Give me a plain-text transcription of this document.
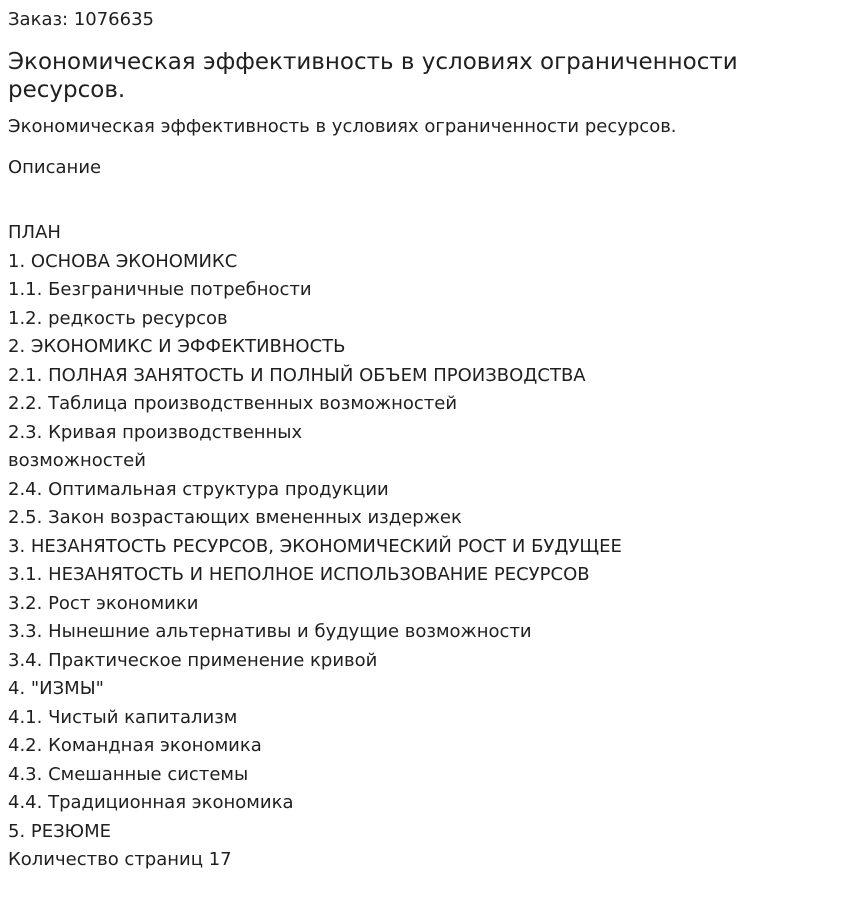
Заказ: 1076635

Экономическая эффективность в условиях ограниченности ресурсов.

Экономическая эффективность в условиях ограниченности ресурсов.

Описание

ПЛАН
1. ОСНОВА ЭКОНОМИКС
1.1. Безграничные потребности
1.2. редкость ресурсов
2. ЭКОНОМИКС И ЭФФЕКТИВНОСТЬ
2.1. ПОЛНАЯ ЗАНЯТОСТЬ И ПОЛНЫЙ ОБЪЕМ ПРОИЗВОДСТВА
2.2. Таблица производственных возможностей
2.3. Кривая производственных возможностей
2.4. Оптимальная структура продукции
2.5. Закон возрастающих вмененных издержек
3. НЕЗАНЯТОСТЬ РЕСУРСОВ, ЭКОНОМИЧЕСКИЙ РОСТ И БУДУЩЕЕ
3.1. НЕЗАНЯТОСТЬ И НЕПОЛНОЕ ИСПОЛЬЗОВАНИЕ РЕСУРСОВ
3.2. Рост экономики
3.3. Нынешние альтернативы и будущие возможности
3.4. Практическое применение кривой
4. "ИЗМЫ"
4.1. Чистый капитализм
4.2. Командная экономика
4.3. Смешанные системы
4.4. Традиционная экономика
5. РЕЗЮМЕ
Количество страниц 17
